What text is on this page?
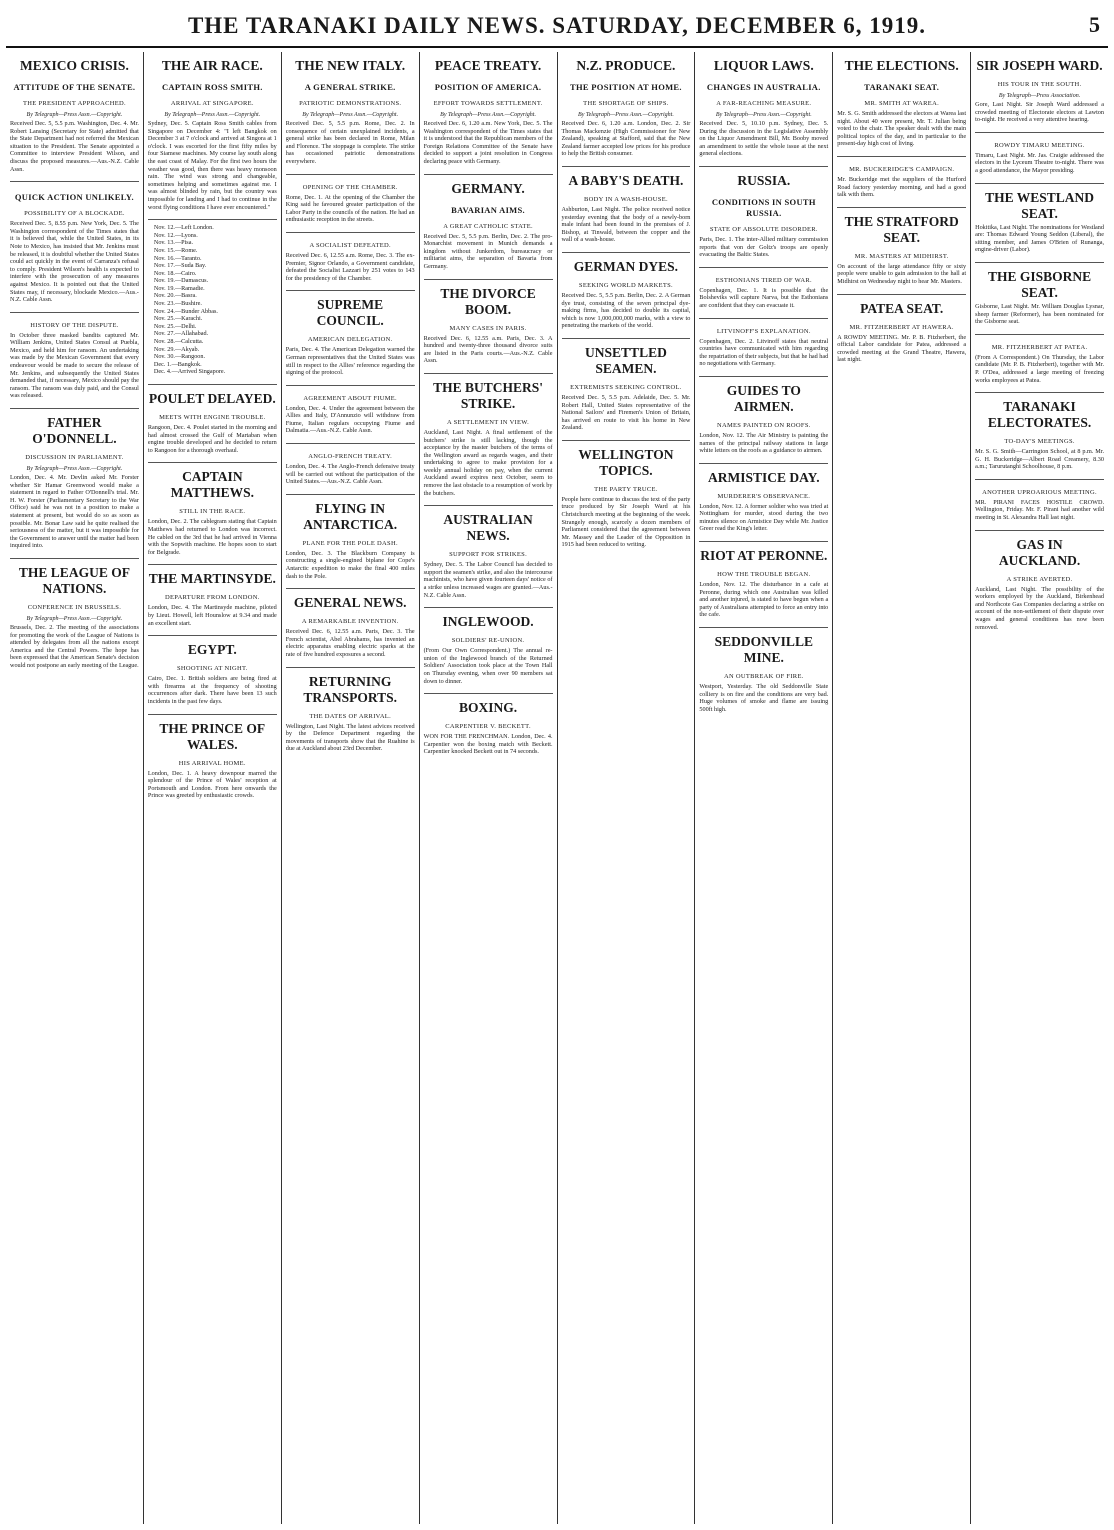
THE TARANAKI DAILY NEWS. SATURDAY, DECEMBER 6, 1919.	5
MEXICO CRISIS.
ATTITUDE OF THE SENATE.
THE PRESIDENT APPROACHED.
By Telegraph—Press Assn.—Copyright.

Received Dec. 5, 5.5 p.m. Washington, Dec. 4. Mr. Robert Lansing (Secretary for State) admitted that the State Department had not referred the Mexican situation to the President. The Senate appointed a Committee to interview President Wilson, and discuss the proposed measures.—Aus.-N.Z. Cable Assn.

QUICK ACTION UNLIKELY.
POSSIBILITY OF A BLOCKADE.

Received Dec. 5, 8.55 p.m. New York, Dec. 5. The Washington correspondent of the Times states that it is believed that, while the United States, in its Note to Mexico, has insisted that Mr. Jenkins must be released, it is doubtful whether the United States could act quickly in the event of Carranza's refusal to comply. President Wilson's health is expected to interfere with the prosecution of any measures against Mexico. It is pointed out that the United States may, if necessary, blockade Mexico.—Aus.-N.Z. Cable Assn.

HISTORY OF THE DISPUTE.

In October three masked bandits captured Mr. William Jenkins, United States Consul at Puebla, Mexico, and held him for ransom. An undertaking was made by the Mexican Government that every endeavour would be made to secure the release of Mr. Jenkins, and subsequently the United States demanded that, if necessary, Mexico should pay the ransom. The ransom was duly paid, and the Consul was released.

FATHER O'DONNELL.
DISCUSSION IN PARLIAMENT.
By Telegraph—Press Assn.—Copyright.

London, Dec. 4. Mr. Devlin asked Mr. Forster whether Sir Hamar Greenwood would make a statement in regard to Father O'Donnell's trial. Mr. H. W. Forster (Parliamentary Secretary to the War Office) said he was not in a position to make a statement at present, but would do so as soon as possible. Mr. Bonar Law said he quite realised the seriousness of the matter, but it was impossible for the Government to answer until the matter had been inquired into.

THE LEAGUE OF NATIONS.
CONFERENCE IN BRUSSELS.
By Telegraph—Press Assn.—Copyright.

Brussels, Dec. 2. The meeting of the associations for promoting the work of the League of Nations is attended by delegates from all the nations except America and the Central Powers. The hope has been expressed that the American Senate's decision would not postpone an early meeting of the League.

THE AIR RACE.
CAPTAIN ROSS SMITH.
ARRIVAL AT SINGAPORE.
By Telegraph—Press Assn.—Copyright.

Sydney, Dec. 5. Captain Ross Smith cables from Singapore on December 4: "I left Bangkok on December 3 at 7 o'clock and arrived at Singora at 1 o'clock. I was escorted for the first fifty miles by four Siamese machines. My course lay south along the east coast of Malay. For the first two hours the weather was good, then there was heavy monsoon rain. The wind was strong and changeable, sometimes helping and sometimes against me. I was almost blinded by rain, but the country was impossible for landing and I had to continue in the worst flying conditions I have ever encountered."

Nov. 12.—Left London.
Nov. 12.—Lyons.
Nov. 13.—Pisa.
Nov. 15.—Rome.
Nov. 16.—Taranto.
Nov. 17.—Suda Bay.
Nov. 18.—Cairo.
Nov. 19.—Damascus.
Nov. 19.—Ramadie.
Nov. 20.—Basra.
Nov. 23.—Bushire.
Nov. 24.—Bunder Abbas.
Nov. 25.—Karachi.
Nov. 25.—Delhi.
Nov. 27.—Allahabad.
Nov. 28.—Calcutta.
Nov. 29.—Akyab.
Nov. 30.—Rangoon.
Dec. 1.—Bangkok.
Dec. 4.—Arrived Singapore.
POULET DELAYED.
MEETS WITH ENGINE TROUBLE.

Rangoon, Dec. 4. Poulet started in the morning and had almost crossed the Gulf of Martaban when engine trouble developed and he decided to return to Rangoon for a thorough overhaul.

CAPTAIN MATTHEWS.
STILL IN THE RACE.

London, Dec. 2. The cablegram stating that Captain Matthews had returned to London was incorrect. He cabled on the 3rd that he had arrived in Vienna with the Sopwith machine. He hopes soon to start for Belgrade.

THE MARTINSYDE.
DEPARTURE FROM LONDON.

London, Dec. 4. The Martinsyde machine, piloted by Lieut. Howell, left Hounslow at 9.34 and made an excellent start.

EGYPT.
SHOOTING AT NIGHT.

Cairo, Dec. 1. British soldiers are being fired at with firearms at the frequency of shooting occurrences after dark. There have been 13 such incidents in the past few days.

THE PRINCE OF WALES.
HIS ARRIVAL HOME.

London, Dec. 1. A heavy downpour marred the splendour of the Prince of Wales' reception at Portsmouth and London. From here onwards the Prince was greeted by enthusiastic crowds.

THE NEW ITALY.
A GENERAL STRIKE.
PATRIOTIC DEMONSTRATIONS.
By Telegraph—Press Assn.—Copyright.

Received Dec. 5, 5.5 p.m. Rome, Dec. 2. In consequence of certain unexplained incidents, a general strike has been declared in Rome, Milan and Florence. The stoppage is complete. The strike has occasioned patriotic demonstrations everywhere.

OPENING OF THE CHAMBER.

Rome, Dec. 1. At the opening of the Chamber the King said he favoured greater participation of the Labor Party in the councils of the nation. He had an enthusiastic reception in the streets.

A SOCIALIST DEFEATED.

Received Dec. 6, 12.55 a.m. Rome, Dec. 3. The ex-Premier, Signor Orlando, a Government candidate, defeated the Socialist Lazzari by 251 votes to 143 for the presidency of the Chamber.

SUPREME COUNCIL.
AMERICAN DELEGATION.

Paris, Dec. 4. The American Delegation warned the German representatives that the United States was still in respect to the Allies' reference regarding the signing of the protocol.

AGREEMENT ABOUT FIUME.

London, Dec. 4. Under the agreement between the Allies and Italy, D'Annunzio will withdraw from Fiume, Italian regulars occupying Fiume and Dalmatia.—Aus.-N.Z. Cable Assn.

ANGLO-FRENCH TREATY.

London, Dec. 4. The Anglo-French defensive treaty will be carried out without the participation of the United States.—Aus.-N.Z. Cable Assn.

FLYING IN ANTARCTICA.
PLANE FOR THE POLE DASH.

London, Dec. 3. The Blackburn Company is constructing a single-engined biplane for Cope's Antarctic expedition to make the final 400 miles dash to the Pole.

GENERAL NEWS.
A REMARKABLE INVENTION.

Received Dec. 6, 12.55 a.m. Paris, Dec. 3. The French scientist, Abel Abrahams, has invented an electric apparatus enabling electric sparks at the rate of five hundred exposures a second.

RETURNING TRANSPORTS.
THE DATES OF ARRIVAL.

Wellington, Last Night. The latest advices received by the Defence Department regarding the movements of transports show that the Ruahine is due at Auckland about 23rd December.

PEACE TREATY.
POSITION OF AMERICA.
EFFORT TOWARDS SETTLEMENT.
By Telegraph—Press Assn.—Copyright.

Received Dec. 6, 1.20 a.m. New York, Dec. 5. The Washington correspondent of the Times states that it is understood that the Republican members of the Foreign Relations Committee of the Senate have decided to support a joint resolution in Congress declaring peace with Germany.

GERMANY.
BAVARIAN AIMS.
A GREAT CATHOLIC STATE.

Received Dec. 5, 5.5 p.m. Berlin, Dec. 2. The pro-Monarchist movement in Munich demands a kingdom without Junkerdom, bureaucracy or militarist aims, the separation of Bavaria from Germany.

THE DIVORCE BOOM.
MANY CASES IN PARIS.

Received Dec. 6, 12.55 a.m. Paris, Dec. 3. A hundred and twenty-three thousand divorce suits are listed in the Paris courts.—Aus.-N.Z. Cable Assn.

THE BUTCHERS' STRIKE.
A SETTLEMENT IN VIEW.

Auckland, Last Night. A final settlement of the butchers' strike is still lacking, though the acceptance by the master butchers of the terms of the Wellington award as regards wages, and their undertaking to agree to make provision for a weekly annual holiday on pay, when the current Auckland award expires next October, seem to remove the last obstacle to a resumption of work by the butchers.

AUSTRALIAN NEWS.
SUPPORT FOR STRIKES.

Sydney, Dec. 5. The Labor Council has decided to support the seamen's strike, and also the intercourse machinists, who have given fourteen days' notice of a strike unless increased wages are granted.—Aus.-N.Z. Cable Assn.

INGLEWOOD.
SOLDIERS' RE-UNION.

(From Our Own Correspondent.) The annual re-union of the Inglewood branch of the Returned Soldiers' Association took place at the Town Hall on Thursday evening, when over 90 members sat down to dinner.

BOXING.
CARPENTIER V. BECKETT.

WON FOR THE FRENCHMAN. London, Dec. 4. Carpentier won the boxing match with Beckett. Carpentier knocked Beckett out in 74 seconds.

N.Z. PRODUCE.
THE POSITION AT HOME.
THE SHORTAGE OF SHIPS.
By Telegraph—Press Assn.—Copyright.

Received Dec. 6, 1.20 a.m. London, Dec. 2. Sir Thomas Mackenzie (High Commissioner for New Zealand), speaking at Stafford, said that the New Zealand farmer accepted low prices for his produce to help the British consumer.

A BABY'S DEATH.
BODY IN A WASH-HOUSE.

Ashburton, Last Night. The police received notice yesterday evening that the body of a newly-born male infant had been found in the premises of J. Bishop, at Tinwald, between the copper and the wall of a wash-house.

GERMAN DYES.
SEEKING WORLD MARKETS.

Received Dec. 5, 5.5 p.m. Berlin, Dec. 2. A German dye trust, consisting of the seven principal dye-making firms, has decided to double its capital, which is now 1,000,000,000 marks, with a view to penetrating the markets of the world.

UNSETTLED SEAMEN.
EXTREMISTS SEEKING CONTROL.

Received Dec. 5, 5.5 p.m. Adelaide, Dec. 5. Mr. Robert Hall, United States representative of the National Sailors' and Firemen's Union of Britain, has arrived en route to visit his home in New Zealand.

WELLINGTON TOPICS.
THE PARTY TRUCE.

People here continue to discuss the text of the party truce produced by Sir Joseph Ward at his Christchurch meeting at the beginning of the week. Strangely enough, scarcely a dozen members of Parliament considered that the agreement between Mr. Massey and the Leader of the Opposition in 1915 had been reduced to writing.

LIQUOR LAWS.
CHANGES IN AUSTRALIA.
A FAR-REACHING MEASURE.
By Telegraph—Press Assn.—Copyright.

Received Dec. 5, 10.10 p.m. Sydney, Dec. 5. During the discussion in the Legislative Assembly on the Liquor Amendment Bill, Mr. Booby moved an amendment to settle the whole issue at the next general elections.

RUSSIA.
CONDITIONS IN SOUTH RUSSIA.
STATE OF ABSOLUTE DISORDER.

Paris, Dec. 1. The inter-Allied military commission reports that von der Goltz's troops are openly evacuating the Baltic States.

ESTHONIANS TIRED OF WAR.

Copenhagen, Dec. 1. It is possible that the Bolsheviks will capture Narva, but the Esthonians are confident that they can evacuate it.

LITVINOFF'S EXPLANATION.

Copenhagen, Dec. 2. Litvinoff states that neutral countries have communicated with him regarding the repatriation of their subjects, but that he had had no negotiations with Germany.

GUIDES TO AIRMEN.
NAMES PAINTED ON ROOFS.

London, Nov. 12. The Air Ministry is painting the names of the principal railway stations in large white letters on the roofs as a guidance to airmen.

ARMISTICE DAY.
MURDERER'S OBSERVANCE.

London, Nov. 12. A former soldier who was tried at Nottingham for murder, stood during the two minutes silence on Armistice Day while Mr. Justice Greer read the King's letter.

RIOT AT PERONNE.
HOW THE TROUBLE BEGAN.

London, Nov. 12. The disturbance in a cafe at Peronne, during which one Australian was killed and another injured, is stated to have begun when a party of Australians attempted to force an entry into the cafe.

SEDDONVILLE MINE.
AN OUTBREAK OF FIRE.

Westport, Yesterday. The old Seddonville State colliery is on fire and the conditions are very bad. Huge volumes of smoke and flame are issuing 500ft high.

THE ELECTIONS.
TARANAKI SEAT.
MR. SMITH AT WAREA.

Mr. S. G. Smith addressed the electors at Warea last night. About 40 were present, Mr. T. Julian being voted to the chair. The speaker dealt with the main political topics of the day, and in particular to the present-day high cost of living.

MR. BUCKERIDGE'S CAMPAIGN.

Mr. Buckeridge met the suppliers of the Hurford Road factory yesterday morning, and had a good talk with them.

THE STRATFORD SEAT.
MR. MASTERS AT MIDHIRST.

On account of the large attendance fifty or sixty people were unable to gain admission to the hall at Midhirst on Wednesday night to hear Mr. Masters.

PATEA SEAT.
MR. FITZHERBERT AT HAWERA.

A ROWDY MEETING. Mr. P. B. Fitzherbert, the official Labor candidate for Patea, addressed a crowded meeting at the Grand Theatre, Hawera, last night.

SIR JOSEPH WARD.
HIS TOUR IN THE SOUTH.
By Telegraph—Press Association.

Gore, Last Night. Sir Joseph Ward addressed a crowded meeting of Electorate electors at Lawton to-night. He received a very attentive hearing.

ROWDY TIMARU MEETING.

Timaru, Last Night. Mr. Jas. Craigie addressed the electors in the Lyceum Theatre to-night. There was a good attendance, the Mayor presiding.

THE WESTLAND SEAT.

Hokitika, Last Night. The nominations for Westland are: Thomas Edward Young Seddon (Liberal), the sitting member, and James O'Brien of Runanga, engine-driver (Labor).

THE GISBORNE SEAT.

Gisborne, Last Night. Mr. William Douglas Lysnar, sheep farmer (Reformer), has been nominated for the Gisborne seat.

MR. FITZHERBERT AT PATEA.

(From A Correspondent.) On Thursday, the Labor candidate (Mr. P. B. Fitzherbert), together with Mr. P. O'Dea, addressed a large meeting of freezing works employees at Patea.

TARANAKI ELECTORATES.
TO-DAY'S MEETINGS.

Mr. S. G. Smith—Carrington School, at 8 p.m. Mr. G. H. Buckeridge—Albert Road Creamery, 8.30 a.m.; Tarurutanghi Schoolhouse, 8 p.m.

ANOTHER UPROARIOUS MEETING.

MR. PIRANI FACES HOSTILE CROWD. Wellington, Friday. Mr. F. Pirani had another wild meeting in St. Alexandra Hall last night.

GAS IN AUCKLAND.
A STRIKE AVERTED.

Auckland, Last Night. The possibility of the workers employed by the Auckland, Birkenhead and Northcote Gas Companies declaring a strike on account of the non-settlement of their dispute over wages and general conditions has now been removed.
